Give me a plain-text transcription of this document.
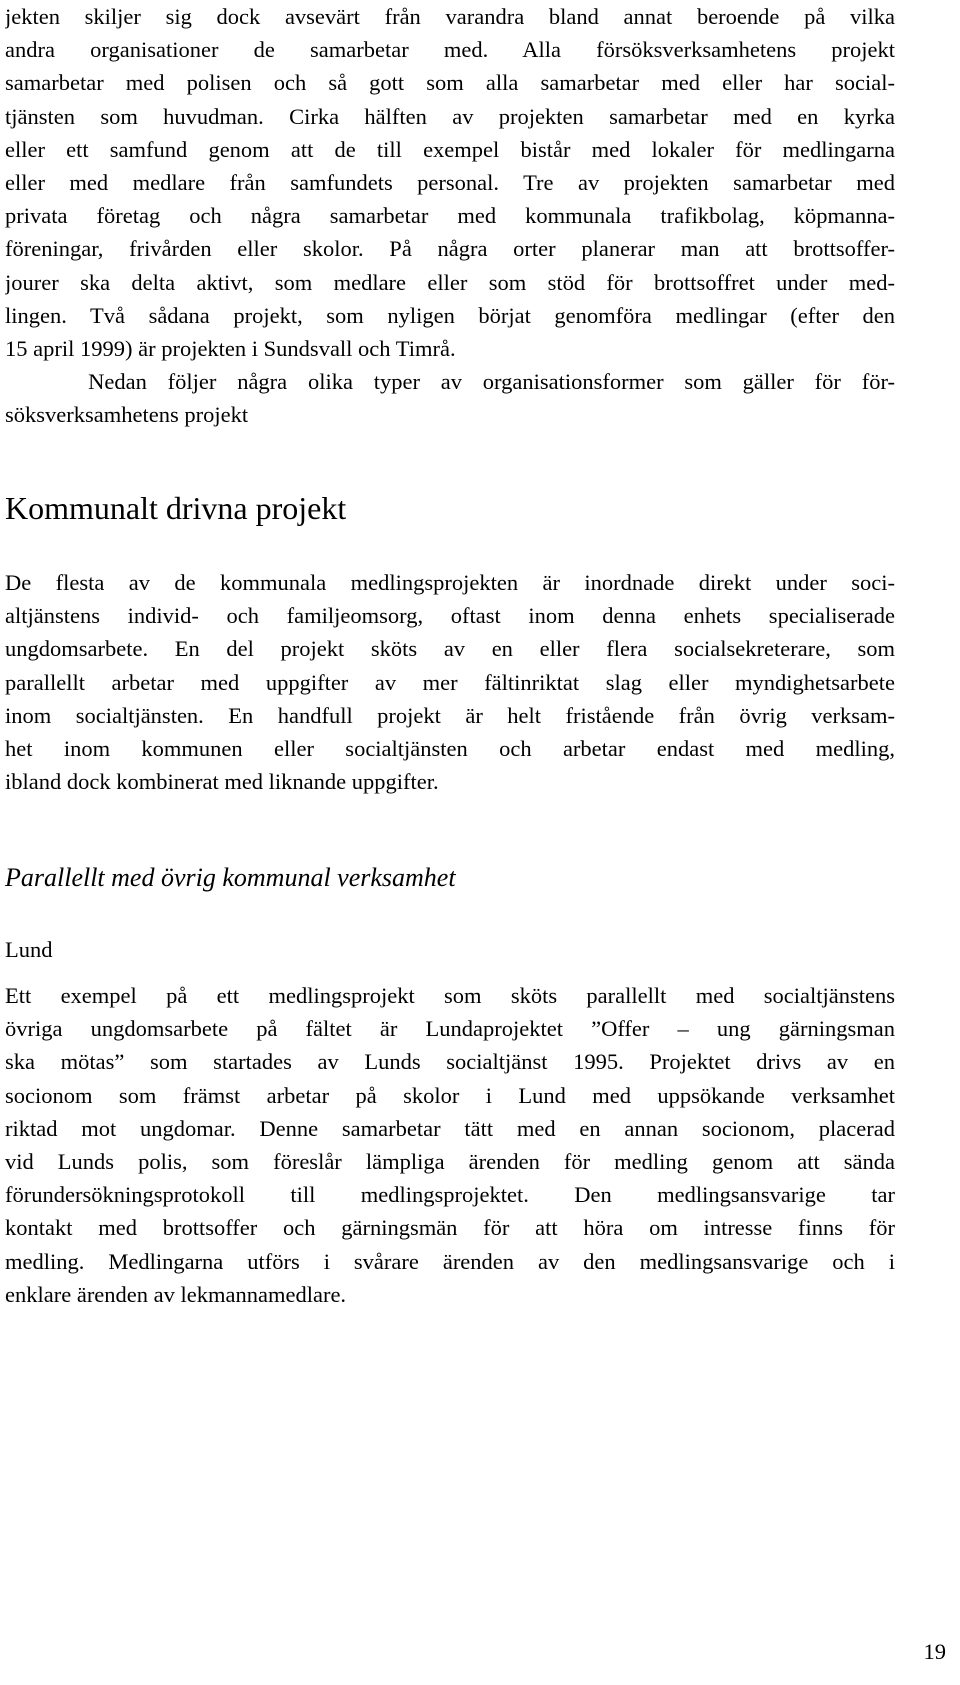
jekten skiljer sig dock avsevärt från varandra bland annat beroende på vilka
andra organisationer de samarbetar med. Alla försöksverksamhetens projekt
samarbetar med polisen och så gott som alla samarbetar med eller har social-
tjänsten som huvudman. Cirka hälften av projekten samarbetar med en kyrka
eller ett samfund genom att de till exempel bistår med lokaler för medlingarna
eller med medlare från samfundets personal. Tre av projekten samarbetar med
privata företag och några samarbetar med kommunala trafikbolag, köpmanna-
föreningar, frivården eller skolor. På några orter planerar man att brottsoffer-
jourer ska delta aktivt, som medlare eller som stöd för brottsoffret under med-
lingen. Två sådana projekt, som nyligen börjat genomföra medlingar (efter den
15 april 1999) är projekten i Sundsvall och Timrå.
Nedan följer några olika typer av organisationsformer som gäller för för-
söksverksamhetens projekt
Kommunalt drivna projekt
De flesta av de kommunala medlingsprojekten är inordnade direkt under soci-
altjänstens individ- och familjeomsorg, oftast inom denna enhets specialiserade
ungdomsarbete. En del projekt sköts av en eller flera socialsekreterare, som
parallellt arbetar med uppgifter av mer fältinriktat slag eller myndighetsarbete
inom socialtjänsten. En handfull projekt är helt fristående från övrig verksam-
het inom kommunen eller socialtjänsten och arbetar endast med medling,
ibland dock kombinerat med liknande uppgifter.
Parallellt med övrig kommunal verksamhet
Lund
Ett exempel på ett medlingsprojekt som sköts parallellt med socialtjänstens
övriga ungdomsarbete på fältet är Lundaprojektet ”Offer – ung gärningsman
ska mötas” som startades av Lunds socialtjänst 1995. Projektet drivs av en
socionom som främst arbetar på skolor i Lund med uppsökande verksamhet
riktad mot ungdomar. Denne samarbetar tätt med en annan socionom, placerad
vid Lunds polis, som föreslår lämpliga ärenden för medling genom att sända
förundersökningsprotokoll till medlingsprojektet. Den medlingsansvarige tar
kontakt med brottsoffer och gärningsmän för att höra om intresse finns för
medling. Medlingarna utförs i svårare ärenden av den medlingsansvarige och i
enklare ärenden av lekmannamedlare.
19
